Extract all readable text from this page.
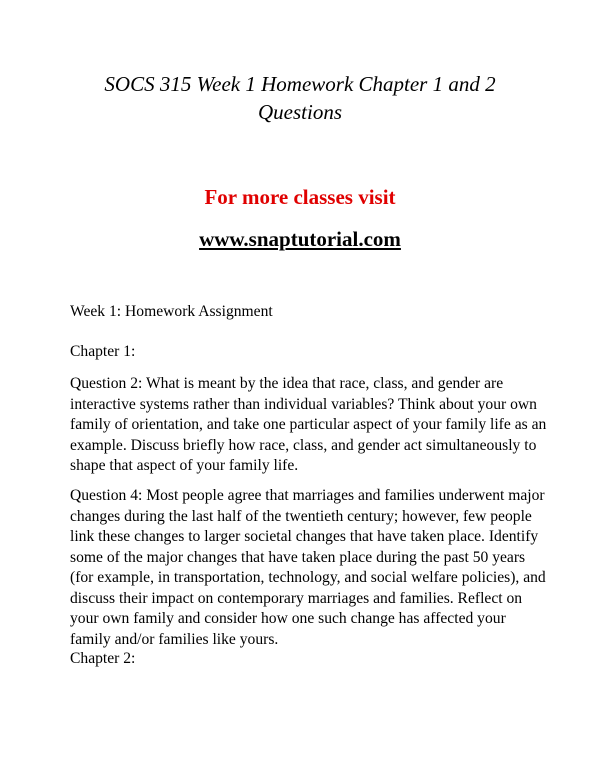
SOCS 315 Week 1 Homework Chapter 1 and 2 Questions

For more classes visit

www.snaptutorial.com

Week 1: Homework Assignment

Chapter 1:

Question 2: What is meant by the idea that race, class, and gender are interactive systems rather than individual variables? Think about your own family of orientation, and take one particular aspect of your family life as an example. Discuss briefly how race, class, and gender act simultaneously to shape that aspect of your family life.

Question 4: Most people agree that marriages and families underwent major changes during the last half of the twentieth century; however, few people link these changes to larger societal changes that have taken place. Identify some of the major changes that have taken place during the past 50 years (for example, in transportation, technology, and social welfare policies), and discuss their impact on contemporary marriages and families. Reflect on your own family and consider how one such change has affected your family and/or families like yours.

Chapter 2:
